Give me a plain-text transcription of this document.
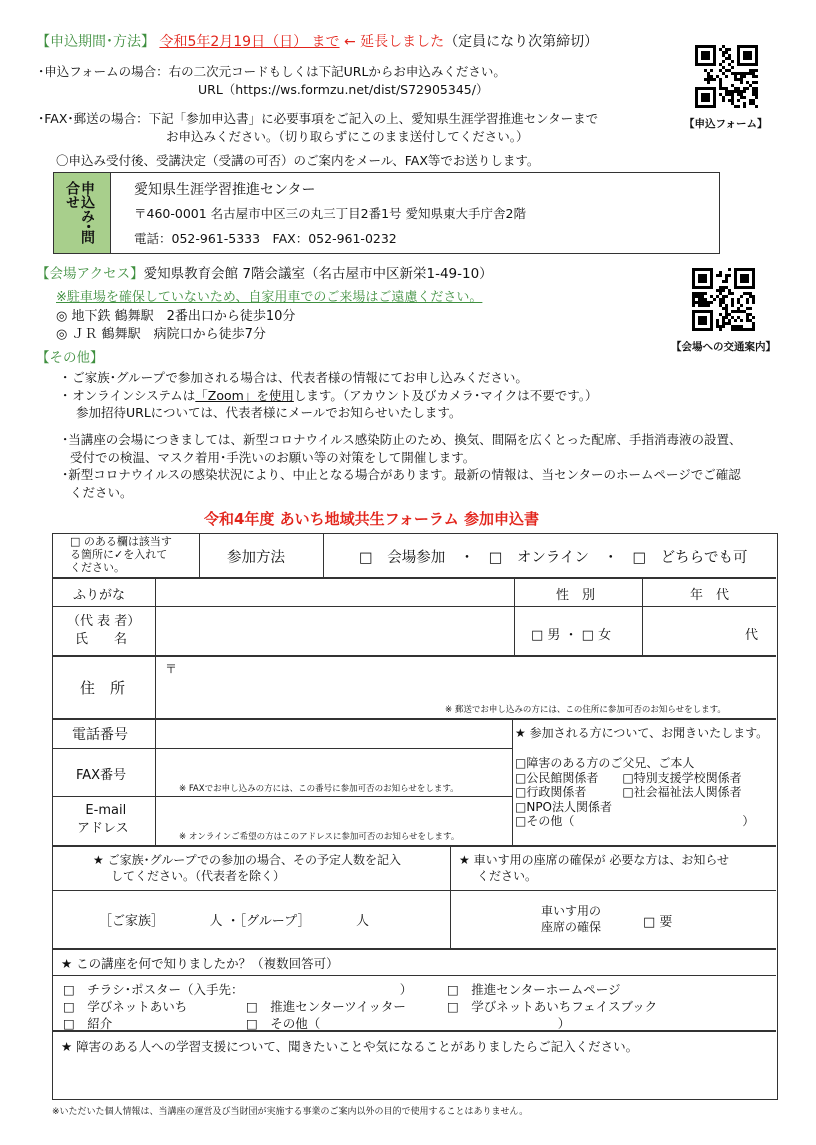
【申込期間･方法】 令和5年2月19日（日） まで ← 延長しました（定員になり次第締切）
･申込フォームの場合：右の二次元コードもしくは下記URLからお申込みください。
URL（https://ws.formzu.net/dist/S72905345/）
･FAX･郵送の場合：下記「参加申込書」に必要事項をご記入の上、愛知県生涯学習推進センターまで
お申込みください。（切り取らずにこのまま送付してください。）
〇申込み受付後、受講決定（受講の可否）のご案内をメール、FAX等でお送りします。
【申込フォーム】
申込み･問合せ	愛知県生涯学習推進センター
〒460-0001 名古屋市中区三の丸三丁目2番1号 愛知県東大手庁舎2階
電話：052-961-5333　FAX：052-961-0232
【会場アクセス】愛知県教育会館 7階会議室（名古屋市中区新栄1-49-10）
※駐車場を確保していないため、自家用車でのご来場はご遠慮ください。
◎ 地下鉄 鶴舞駅　2番出口から徒歩10分
◎ ＪＲ 鶴舞駅　病院口から徒歩7分
【会場への交通案内】
【その他】
･ ご家族･グループで参加される場合は、代表者様の情報にてお申し込みください。
･ オンラインシステムは「Zoom」を使用します。（アカウント及びカメラ･マイクは不要です。）
参加招待URLについては、代表者様にメールでお知らせいたします。
･当講座の会場につきましては、新型コロナウイルス感染防止のため、換気、間隔を広くとった配席、手指消毒液の設置、
受付での検温、マスク着用･手洗いのお願い等の対策をして開催します。
･新型コロナウイルスの感染状況により、中止となる場合があります。最新の情報は、当センターのホームページでご確認
ください。
令和4年度 あいち地域共生フォーラム 参加申込書
□ のある欄は該当す
る箇所に✓を入れて
ください。
参加方法	□　会場参加　・　□　オンライン　・　□　どちらでも可
ふりがな	性　別	年　代
（代 表 者）
氏　　名	□ 男 ・ □ 女	代
住　所
〒
※ 郵送でお申し込みの方には、この住所に参加可否のお知らせをします。
電話番号
FAX番号
※ FAXでお申し込みの方には、この番号に参加可否のお知らせをします。
E-mail
アドレス
※ オンラインご希望の方はこのアドレスに参加可否のお知らせをします。
★ 参加される方について、お聞きいたします。
□障害のある方のご父兄、ご本人
□公民館関係者　　□特別支援学校関係者
□行政関係者　　　□社会福祉法人関係者
□NPO法人関係者
□その他（　　　　　　　　　　　　　　）
★ ご家族･グループでの参加の場合、その予定人数を記入
してください。（代表者を除く）
［ご家族］　　　　人 ・［グループ］　　　　人
★ 車いす用の座席の確保が 必要な方は、お知らせ
ください。
車いす用の
座席の確保	□ 要
★ この講座を何で知りましたか？（複数回答可）
□　チラシ･ポスター（入手先：　　　　　　　　　　　　　）	□　推進センターホームページ
□　学びネットあいち	□　推進センターツイッター	□　学びネットあいちフェイスブック
□　紹介	□　その他（　　　　　　　　　　　　　　　　　　　）
★ 障害のある人への学習支援について、聞きたいことや気になることがありましたらご記入ください。
※いただいた個人情報は、当講座の運営及び当財団が実施する事業のご案内以外の目的で使用することはありません。
